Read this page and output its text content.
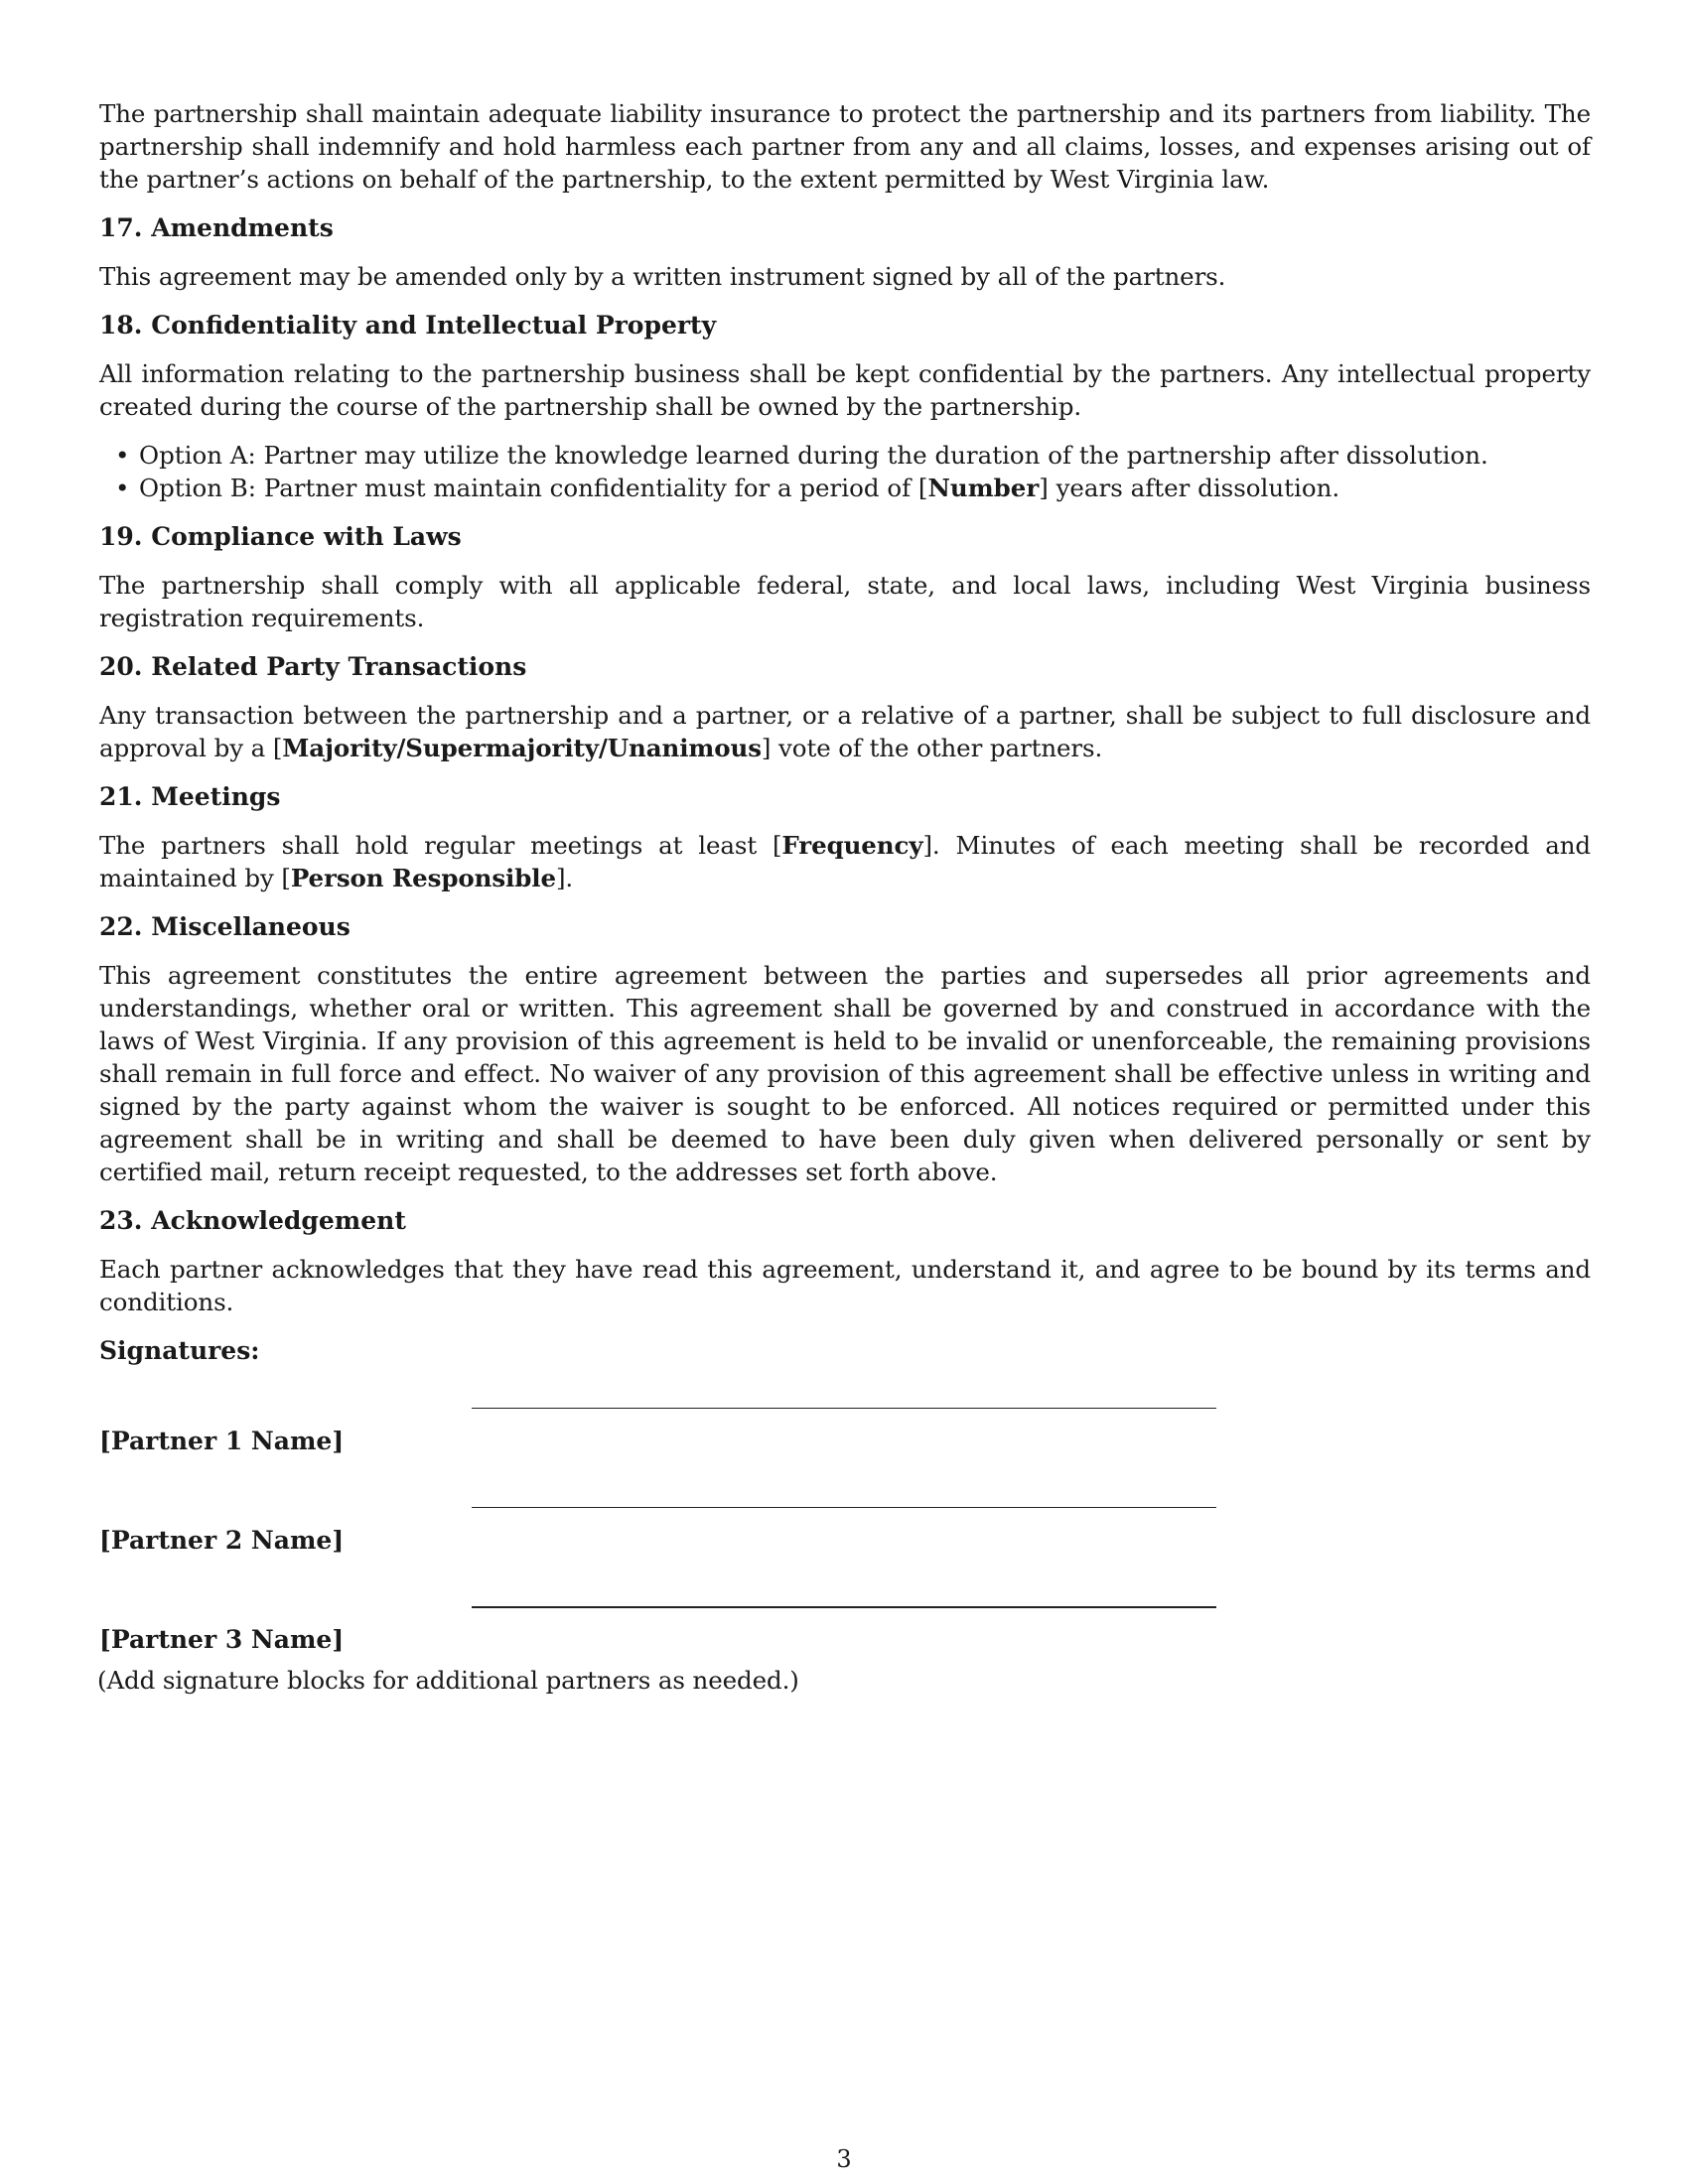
The partnership shall maintain adequate liability insurance to protect the partnership and its partners from liability. The partnership shall indemnify and hold harmless each partner from any and all claims, losses, and expenses arising out of the partner’s actions on behalf of the partnership, to the extent permitted by West Virginia law.

17. Amendments

This agreement may be amended only by a written instrument signed by all of the partners.

18. Confidentiality and Intellectual Property

All information relating to the partnership business shall be kept confidential by the partners. Any intellectual property created during the course of the partnership shall be owned by the partnership.

• Option A: Partner may utilize the knowledge learned during the duration of the partnership after dissolution.
• Option B: Partner must maintain confidentiality for a period of [Number] years after dissolution.
19. Compliance with Laws

The partnership shall comply with all applicable federal, state, and local laws, including West Virginia business registration requirements.

20. Related Party Transactions

Any transaction between the partnership and a partner, or a relative of a partner, shall be subject to full disclosure and approval by a [Majority/Supermajority/Unanimous] vote of the other partners.

21. Meetings

The partners shall hold regular meetings at least [Frequency]. Minutes of each meeting shall be recorded and maintained by [Person Responsible].

22. Miscellaneous

This agreement constitutes the entire agreement between the parties and supersedes all prior agreements and understandings, whether oral or written. This agreement shall be governed by and construed in accordance with the laws of West Virginia. If any provision of this agreement is held to be invalid or unenforceable, the remaining provisions shall remain in full force and effect. No waiver of any provision of this agreement shall be effective unless in writing and signed by the party against whom the waiver is sought to be enforced. All notices required or permitted under this agreement shall be in writing and shall be deemed to have been duly given when delivered personally or sent by certified mail, return receipt requested, to the addresses set forth above.

23. Acknowledgement

Each partner acknowledges that they have read this agreement, understand it, and agree to be bound by its terms and conditions.

Signatures:
[Partner 1 Name]
[Partner 2 Name]
[Partner 3 Name]

(Add signature blocks for additional partners as needed.)

3
